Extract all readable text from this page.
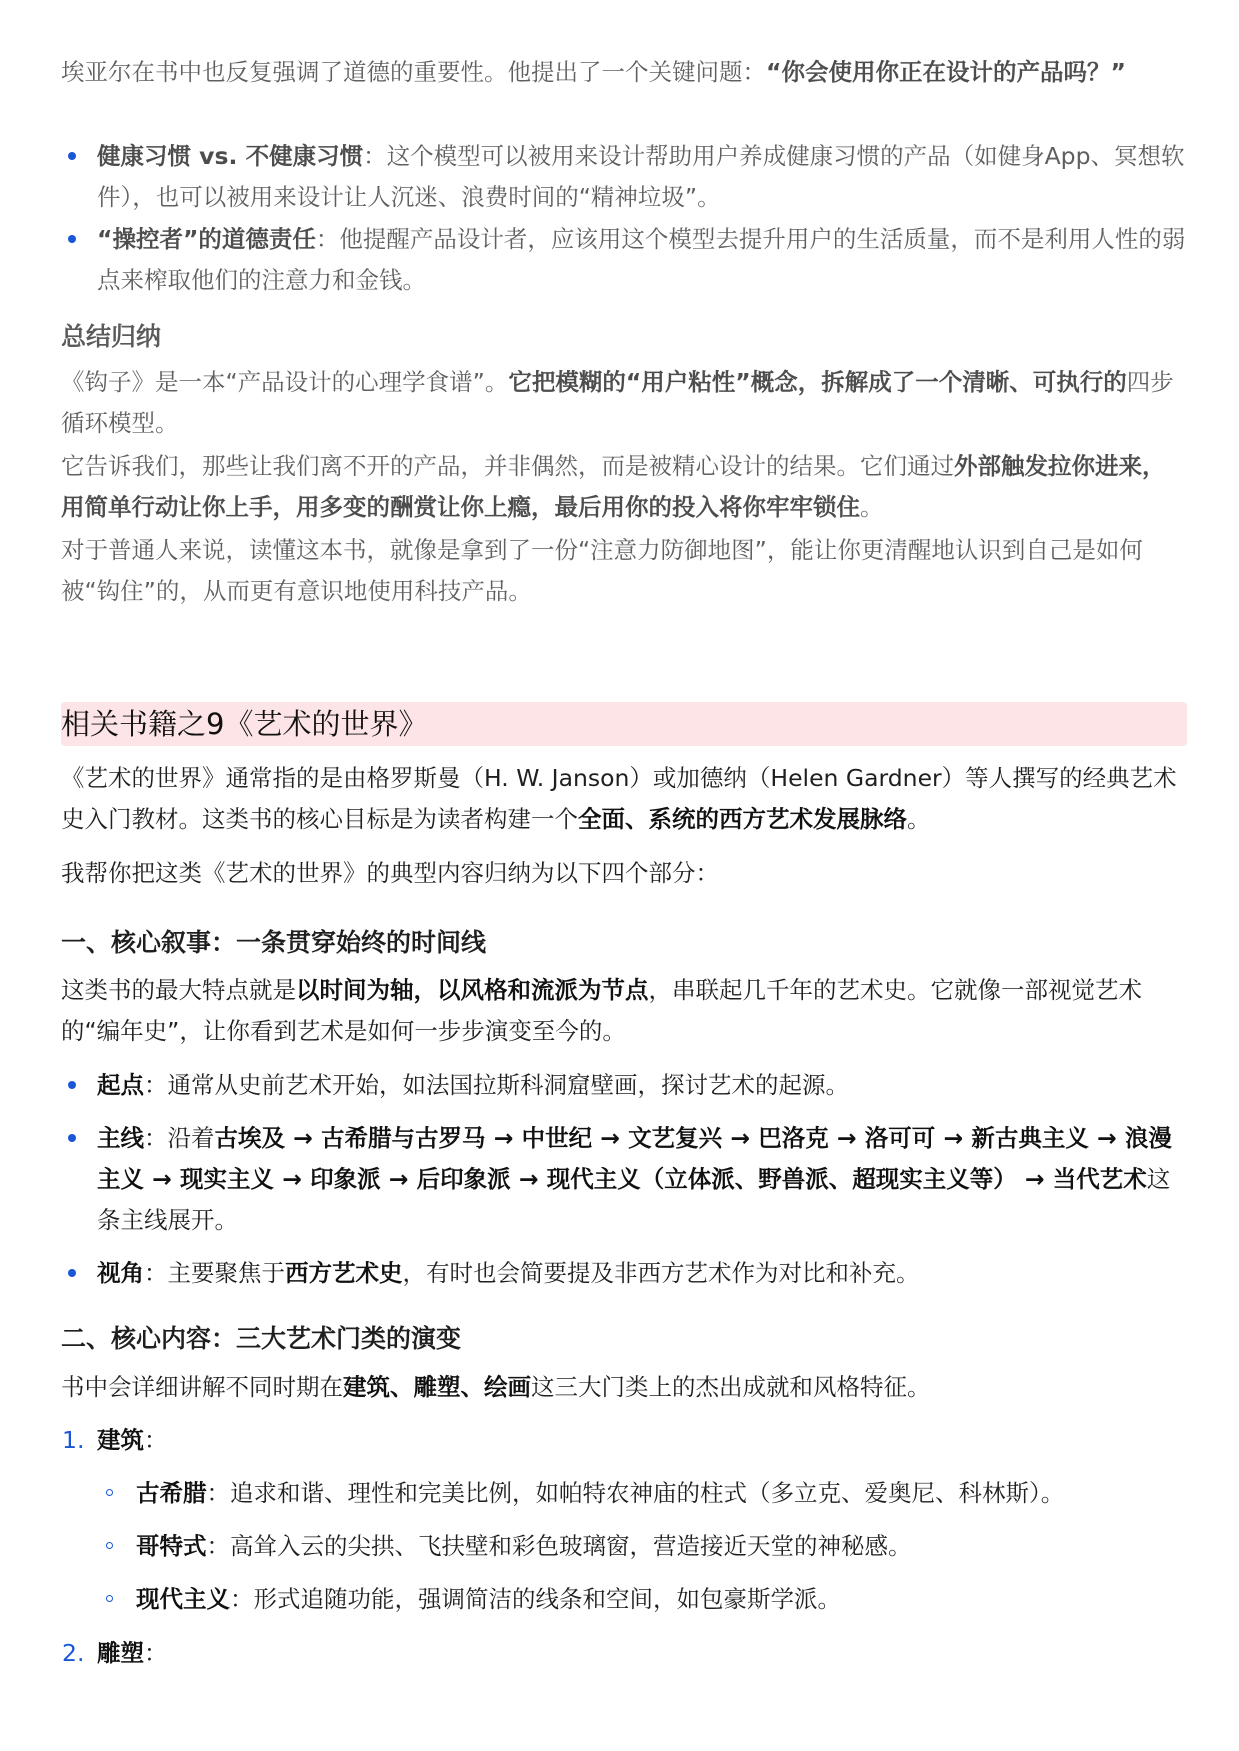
埃亚尔在书中也反复强调了道德的重要性。他提出了一个关键问题：“你会使用你正在设计的产品吗？”

健康习惯 vs. 不健康习惯：这个模型可以被用来设计帮助用户养成健康习惯的产品（如健身App、冥想软件），也可以被用来设计让人沉迷、浪费时间的“精神垃圾”。

“操控者”的道德责任：他提醒产品设计者，应该用这个模型去提升用户的生活质量，而不是利用人性的弱点来榨取他们的注意力和金钱。

总结归纳

《钩子》是一本“产品设计的心理学食谱”。它把模糊的“用户粘性”概念，拆解成了一个清晰、可执行的四步循环模型。

它告诉我们，那些让我们离不开的产品，并非偶然，而是被精心设计的结果。它们通过外部触发拉你进来，用简单行动让你上手，用多变的酬赏让你上瘾，最后用你的投入将你牢牢锁住。

对于普通人来说，读懂这本书，就像是拿到了一份“注意力防御地图”，能让你更清醒地认识到自己是如何被“钩住”的，从而更有意识地使用科技产品。

相关书籍之9《艺术的世界》

《艺术的世界》通常指的是由格罗斯曼（H. W. Janson）或加德纳（Helen Gardner）等人撰写的经典艺术史入门教材。这类书的核心目标是为读者构建一个全面、系统的西方艺术发展脉络。

我帮你把这类《艺术的世界》的典型内容归纳为以下四个部分：

一、核心叙事：一条贯穿始终的时间线

这类书的最大特点就是以时间为轴，以风格和流派为节点，串联起几千年的艺术史。它就像一部视觉艺术的“编年史”，让你看到艺术是如何一步步演变至今的。

起点：通常从史前艺术开始，如法国拉斯科洞窟壁画，探讨艺术的起源。

主线：沿着古埃及 → 古希腊与古罗马 → 中世纪 → 文艺复兴 → 巴洛克 → 洛可可 → 新古典主义 → 浪漫主义 → 现实主义 → 印象派 → 后印象派 → 现代主义（立体派、野兽派、超现实主义等） → 当代艺术这条主线展开。

视角：主要聚焦于西方艺术史，有时也会简要提及非西方艺术作为对比和补充。

二、核心内容：三大艺术门类的演变

书中会详细讲解不同时期在建筑、雕塑、绘画这三大门类上的杰出成就和风格特征。

1. 建筑：

古希腊：追求和谐、理性和完美比例，如帕特农神庙的柱式（多立克、爱奥尼、科林斯）。

哥特式：高耸入云的尖拱、飞扶壁和彩色玻璃窗，营造接近天堂的神秘感。

现代主义：形式追随功能，强调简洁的线条和空间，如包豪斯学派。

2. 雕塑：
